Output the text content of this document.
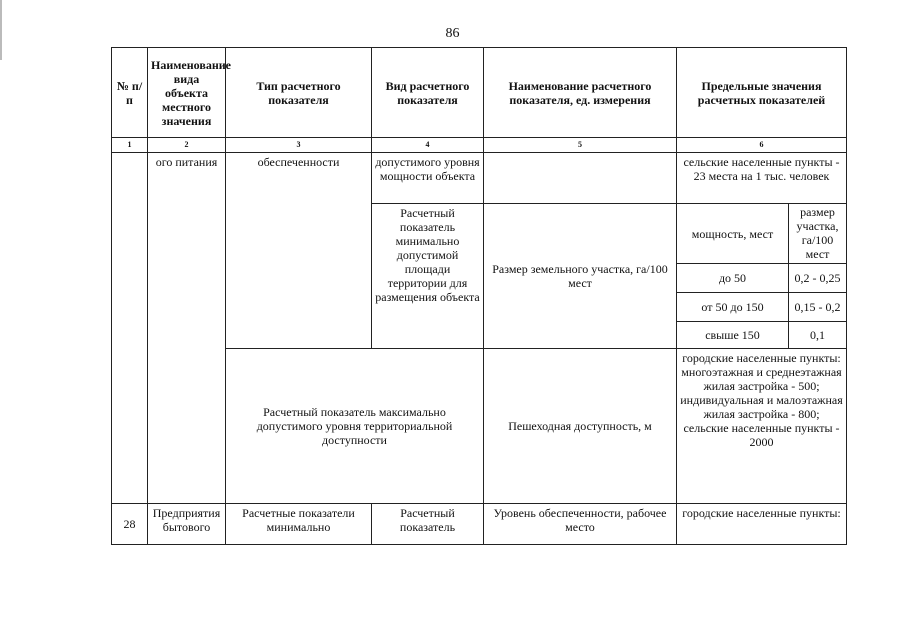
86
№ п/п	Наименование вида объекта местного значения	Тип расчетного показателя	Вид расчетного показателя	Наименование расчетного показателя, ед. измерения	Предельные значения расчетных показателей	
1	2	3	4	5	6	
	ого питания	обеспеченности	допустимого уровня мощности объекта		сельские населенные пункты - 23 места на 1 тыс. человек	
			Расчетный показатель минимально допустимой площади территории для размещения объекта	Размер земельного участка, га/100 мест	мощность, мест	размер участка, га/100 мест
					до 50	0,2 - 0,25
					от 50 до 150	0,15 - 0,2
					свыше 150	0,1
		Расчетный показатель максимально допустимого уровня территориальной доступности		Пешеходная доступность, м	городские населенные пункты: многоэтажная и среднеэтажная жилая застройка - 500; индивидуальная и малоэтажная жилая застройка - 800; сельские населенные пункты - 2000	
28	Предприятия бытового	Расчетные показатели минимально	Расчетный показатель	Уровень обеспеченности, рабочее место	городские населенные пункты:	
